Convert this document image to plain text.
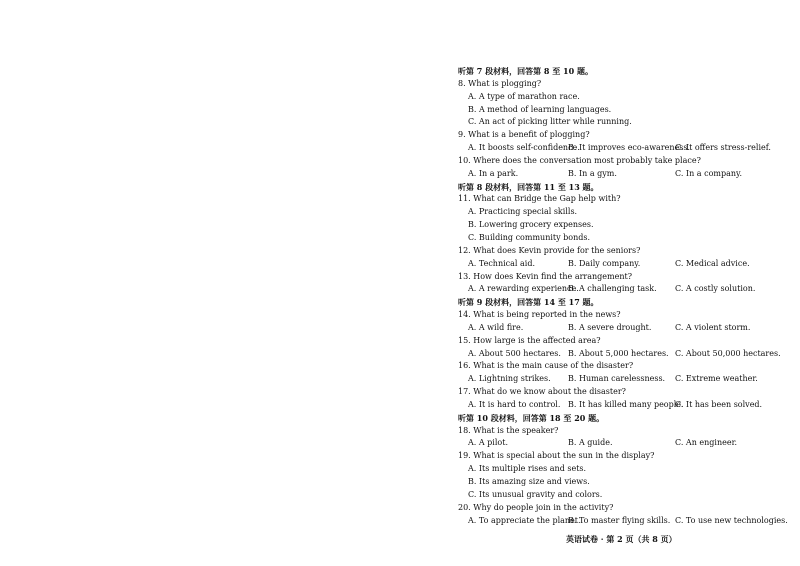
听第 7 段材料，回答第 8 至 10 题。
8. What is plogging?
A. A type of marathon race.
B. A method of learning languages.
C. An act of picking litter while running.
9. What is a benefit of plogging?
A. It boosts self-confidence.
B. It improves eco-awareness.
C. It offers stress-relief.
10. Where does the conversation most probably take place?
A. In a park.	B. In a gym.	C. In a company.
听第 8 段材料，回答第 11 至 13 题。
11. What can Bridge the Gap help with?
A. Practicing special skills.
B. Lowering grocery expenses.
C. Building community bonds.
12. What does Kevin provide for the seniors?
A. Technical aid.	B. Daily company.	C. Medical advice.
13. How does Kevin find the arrangement?
A. A rewarding experience.
B. A challenging task.	C. A costly solution.
听第 9 段材料，回答第 14 至 17 题。
14. What is being reported in the news?
A. A wild fire.	B. A severe drought.	C. A violent storm.
15. How large is the affected area?
A. About 500 hectares. B. About 5,000 hectares. C. About 50,000 hectares.
16. What is the main cause of the disaster?
A. Lightning strikes.	B. Human carelessness.	C. Extreme weather.
17. What do we know about the disaster?
A. It is hard to control. B. It has killed many people.
C. It has been solved.
听第 10 段材料，回答第 18 至 20 题。
18. What is the speaker?
A. A pilot.	B. A guide.	C. An engineer.
19. What is special about the sun in the display?
A. Its multiple rises and sets.
B. Its amazing size and views.
C. Its unusual gravity and colors.
20. Why do people join in the activity?
A. To appreciate the planet.
B. To master flying skills. C. To use new technologies.
英语试卷 · 第 2 页（共 8 页）
